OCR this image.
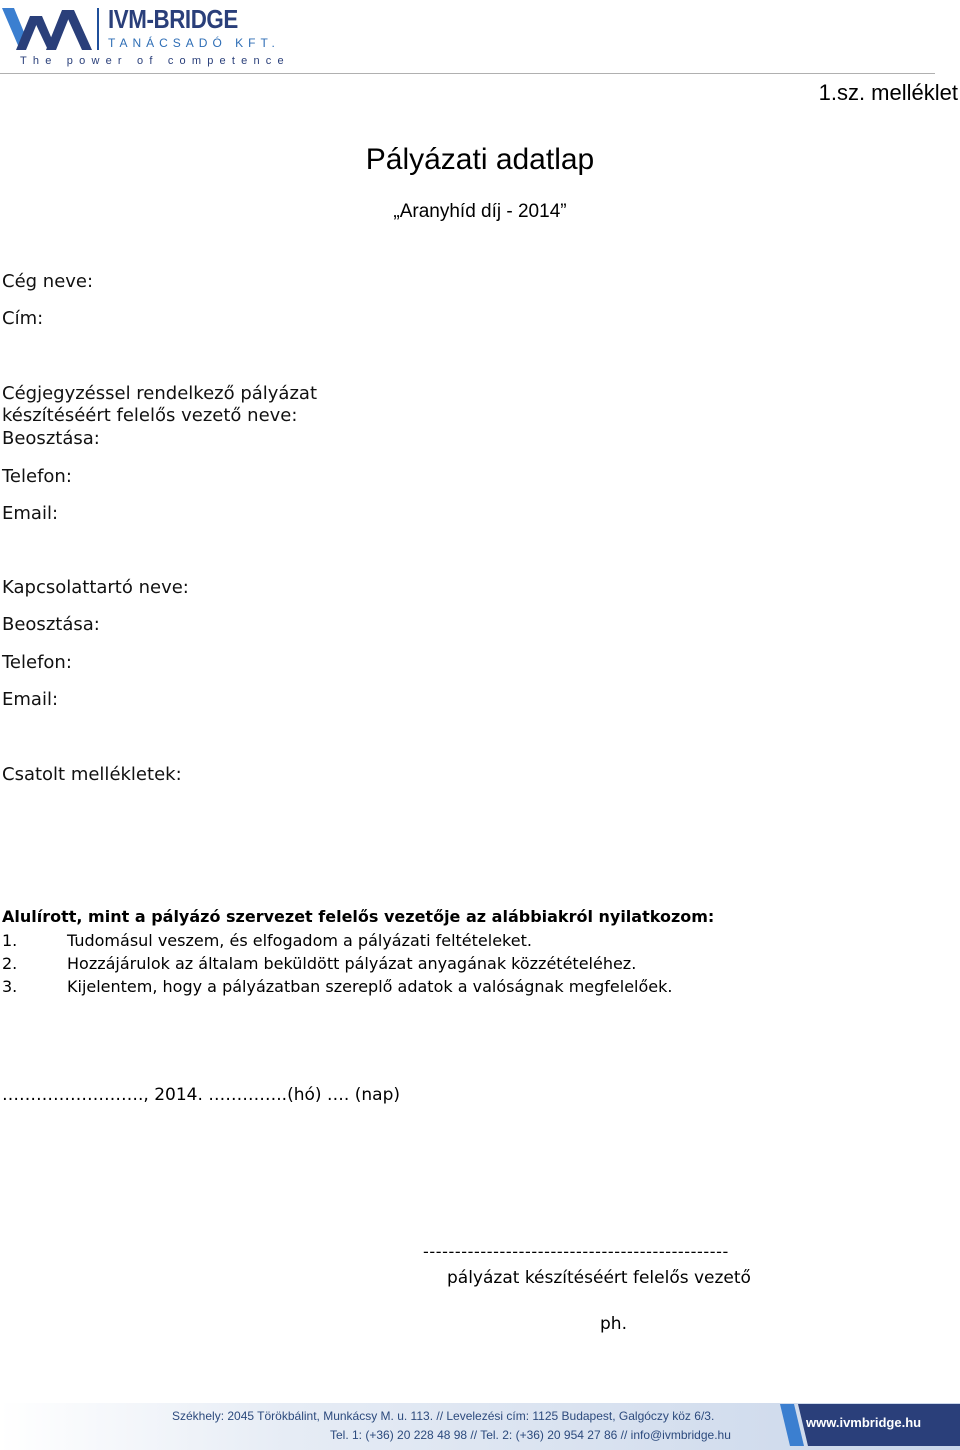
IVM-BRIDGE
TANÁCSADÓ KFT.
The power of competence
1.sz. melléklet
Pályázati adatlap
„Aranyhíd díj - 2014”
Cég neve:
Cím:
Cégjegyzéssel rendelkező pályázat
készítéséért felelős vezető neve:
Beosztása:
Telefon:
Email:
Kapcsolattartó neve:
Beosztása:
Telefon:
Email:
Csatolt mellékletek:
Alulírott, mint a pályázó szervezet felelős vezetője az alábbiakról nyilatkozom:
1.	Tudomásul veszem, és elfogadom a pályázati feltételeket.
2.	Hozzájárulok az általam beküldött pályázat anyagának közzétételéhez.
3.	Kijelentem, hogy a pályázatban szereplő adatok a valóságnak megfelelőek.
……………………., 2014. …………..(hó) …. (nap)
------------------------------------------------
pályázat készítéséért felelős vezető
ph.
Székhely: 2045 Törökbálint, Munkácsy M. u. 113. // Levelezési cím: 1125 Budapest, Galgóczy köz 6/3.
Tel. 1: (+36) 20 228 48 98 // Tel. 2: (+36) 20 954 27 86 // info@ivmbridge.hu
www.ivmbridge.hu
